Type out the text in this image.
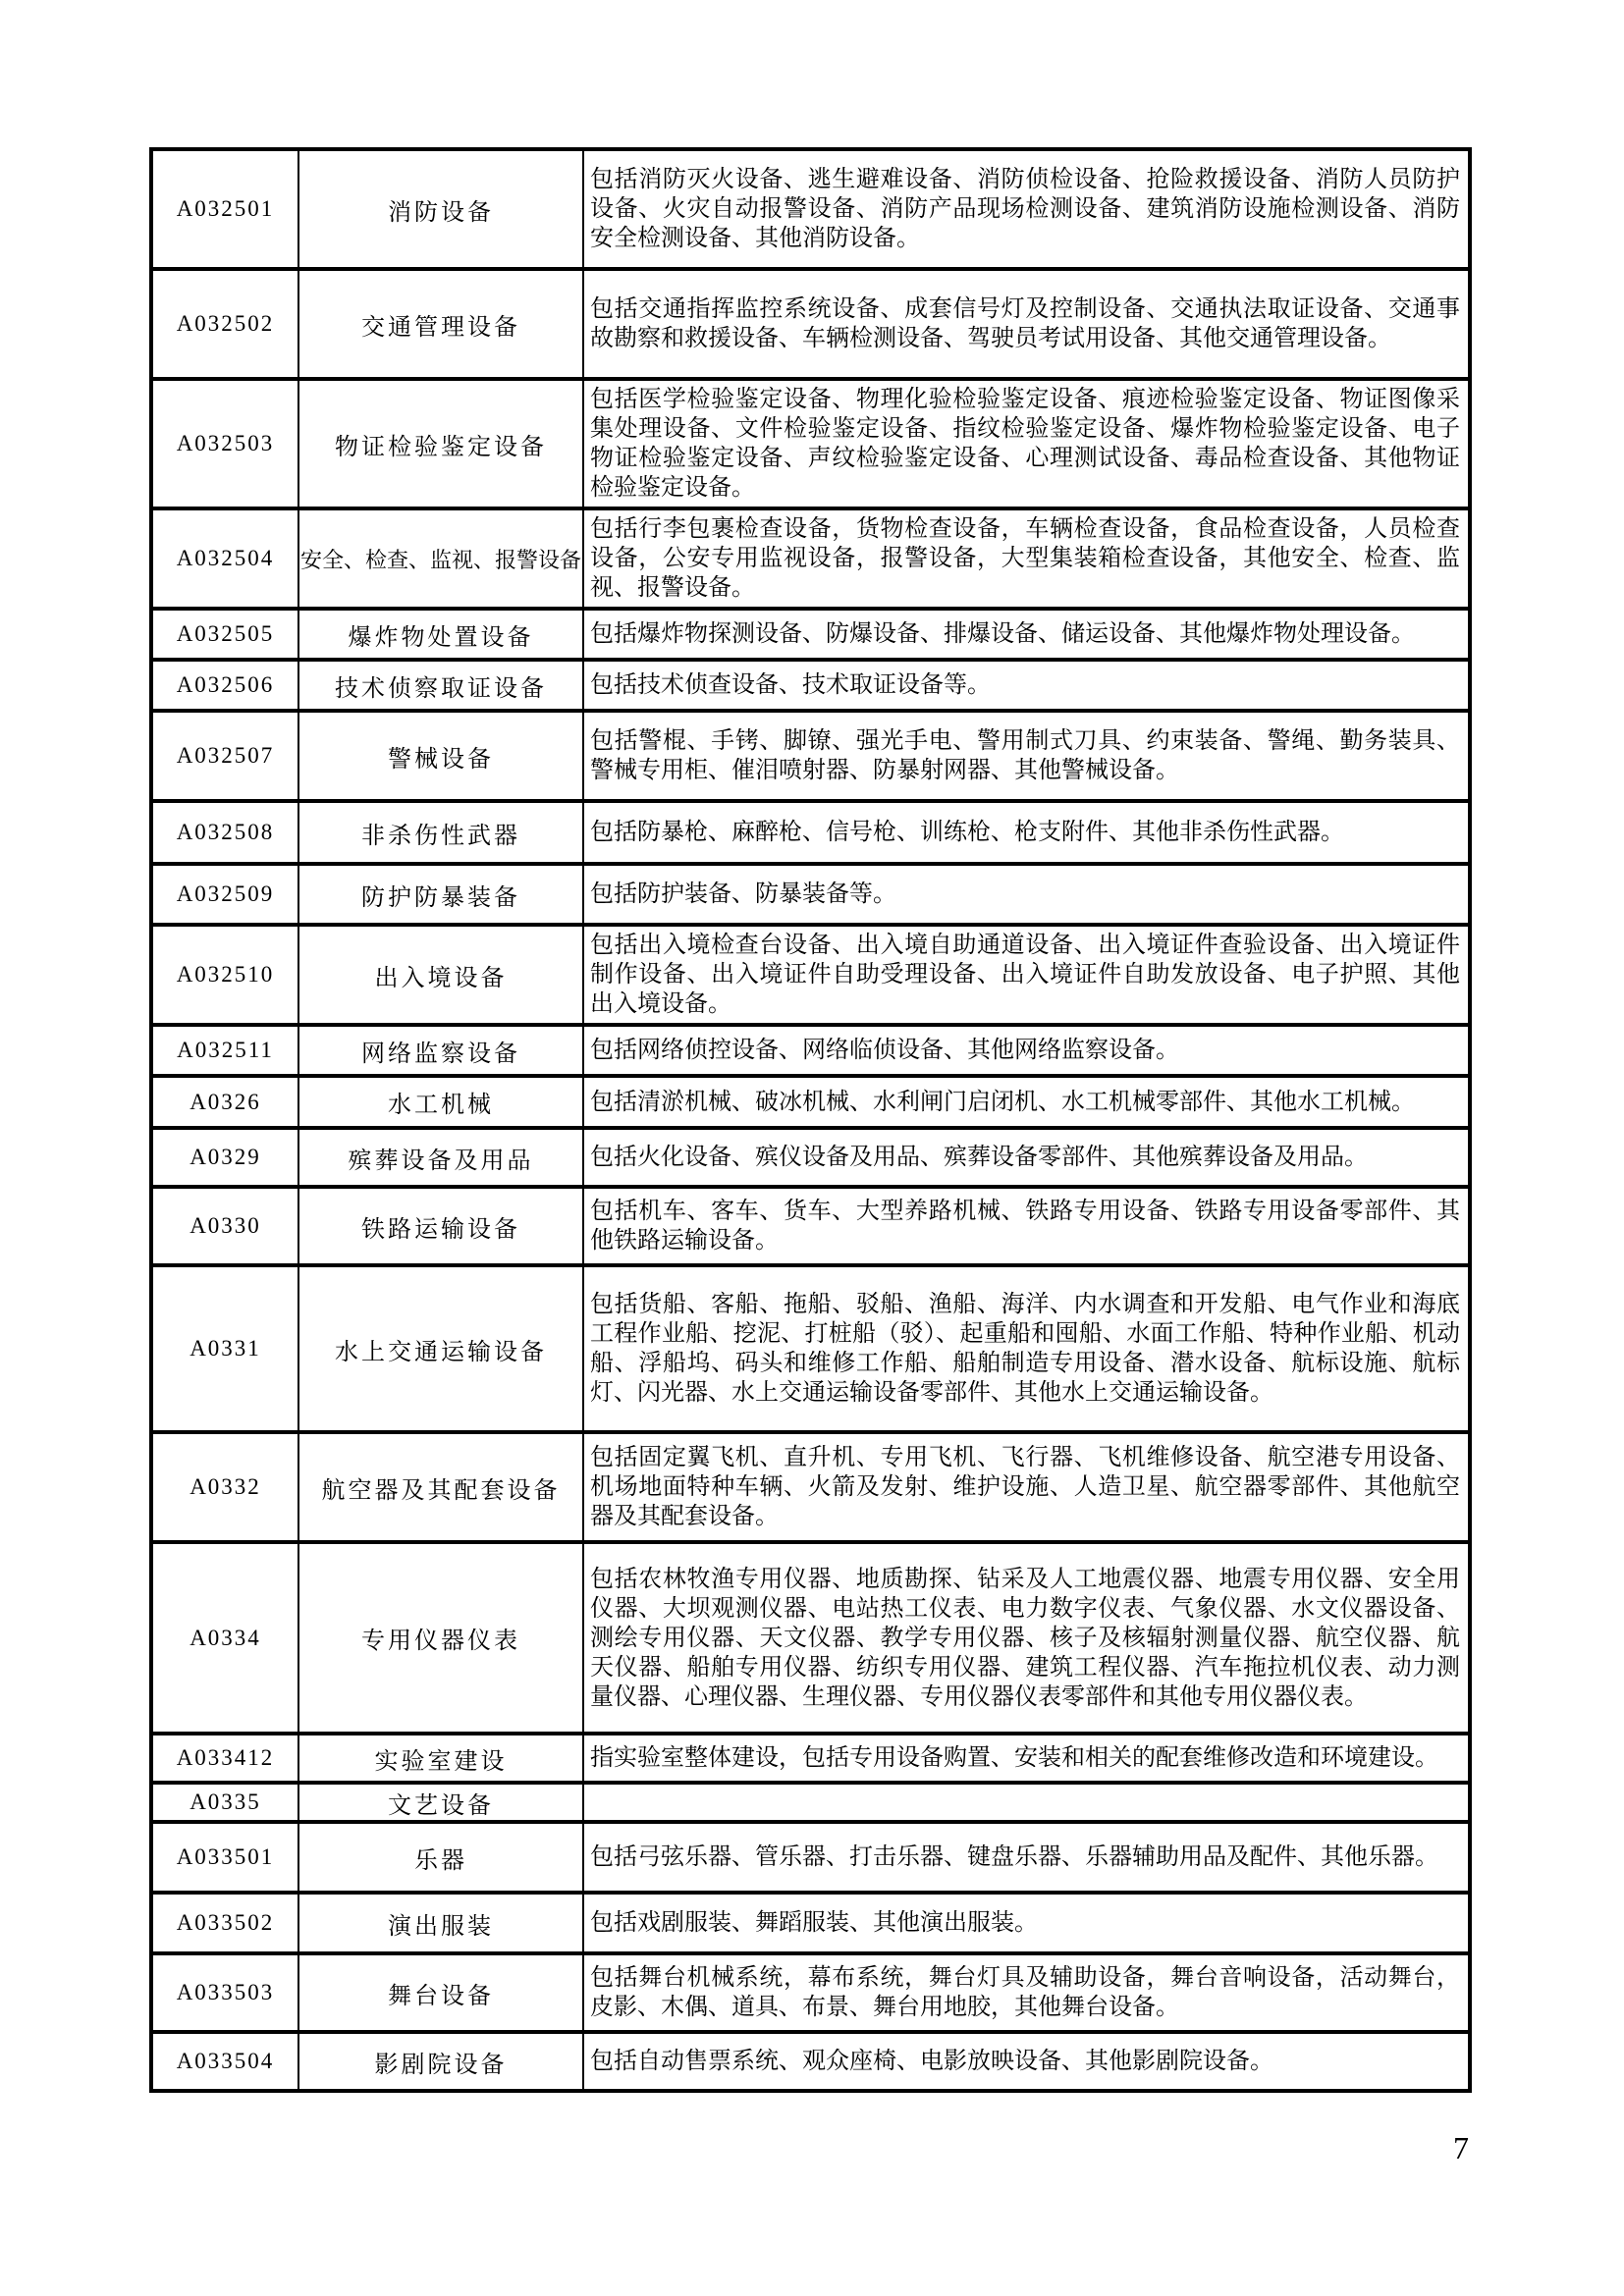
A032501	消防设备	包括消防灭火设备、逃生避难设备、消防侦检设备、抢险救援设备、消防人员防护设备、火灾自动报警设备、消防产品现场检测设备、建筑消防设施检测设备、消防安全检测设备、其他消防设备。
A032502	交通管理设备	包括交通指挥监控系统设备、成套信号灯及控制设备、交通执法取证设备、交通事故勘察和救援设备、车辆检测设备、驾驶员考试用设备、其他交通管理设备。
A032503	物证检验鉴定设备	包括医学检验鉴定设备、物理化验检验鉴定设备、痕迹检验鉴定设备、物证图像采集处理设备、文件检验鉴定设备、指纹检验鉴定设备、爆炸物检验鉴定设备、电子物证检验鉴定设备、声纹检验鉴定设备、心理测试设备、毒品检查设备、其他物证检验鉴定设备。
A032504	安全、检查、监视、报警设备	包括行李包裹检查设备，货物检查设备，车辆检查设备，食品检查设备，人员检查设备，公安专用监视设备，报警设备，大型集装箱检查设备，其他安全、检查、监视、报警设备。
A032505	爆炸物处置设备	包括爆炸物探测设备、防爆设备、排爆设备、储运设备、其他爆炸物处理设备。
A032506	技术侦察取证设备	包括技术侦查设备、技术取证设备等。
A032507	警械设备	包括警棍、手铐、脚镣、强光手电、警用制式刀具、约束装备、警绳、勤务装具、警械专用柜、催泪喷射器、防暴射网器、其他警械设备。
A032508	非杀伤性武器	包括防暴枪、麻醉枪、信号枪、训练枪、枪支附件、其他非杀伤性武器。
A032509	防护防暴装备	包括防护装备、防暴装备等。
A032510	出入境设备	包括出入境检查台设备、出入境自助通道设备、出入境证件查验设备、出入境证件制作设备、出入境证件自助受理设备、出入境证件自助发放设备、电子护照、其他出入境设备。
A032511	网络监察设备	包括网络侦控设备、网络临侦设备、其他网络监察设备。
A0326	水工机械	包括清淤机械、破冰机械、水利闸门启闭机、水工机械零部件、其他水工机械。
A0329	殡葬设备及用品	包括火化设备、殡仪设备及用品、殡葬设备零部件、其他殡葬设备及用品。
A0330	铁路运输设备	包括机车、客车、货车、大型养路机械、铁路专用设备、铁路专用设备零部件、其他铁路运输设备。
A0331	水上交通运输设备	包括货船、客船、拖船、驳船、渔船、海洋、内水调查和开发船、电气作业和海底工程作业船、挖泥、打桩船（驳）、起重船和囤船、水面工作船、特种作业船、机动船、浮船坞、码头和维修工作船、船舶制造专用设备、潜水设备、航标设施、航标灯、闪光器、水上交通运输设备零部件、其他水上交通运输设备。
A0332	航空器及其配套设备	包括固定翼飞机、直升机、专用飞机、飞行器、飞机维修设备、航空港专用设备、机场地面特种车辆、火箭及发射、维护设施、人造卫星、航空器零部件、其他航空器及其配套设备。
A0334	专用仪器仪表	包括农林牧渔专用仪器、地质勘探、钻采及人工地震仪器、地震专用仪器、安全用仪器、大坝观测仪器、电站热工仪表、电力数字仪表、气象仪器、水文仪器设备、测绘专用仪器、天文仪器、教学专用仪器、核子及核辐射测量仪器、航空仪器、航天仪器、船舶专用仪器、纺织专用仪器、建筑工程仪器、汽车拖拉机仪表、动力测量仪器、心理仪器、生理仪器、专用仪器仪表零部件和其他专用仪器仪表。
A033412	实验室建设	指实验室整体建设，包括专用设备购置、安装和相关的配套维修改造和环境建设。
A0335	文艺设备	
A033501	乐器	包括弓弦乐器、管乐器、打击乐器、键盘乐器、乐器辅助用品及配件、其他乐器。
A033502	演出服装	包括戏剧服装、舞蹈服装、其他演出服装。
A033503	舞台设备	包括舞台机械系统，幕布系统，舞台灯具及辅助设备，舞台音响设备，活动舞台，皮影、木偶、道具、布景、舞台用地胶，其他舞台设备。
A033504	影剧院设备	包括自动售票系统、观众座椅、电影放映设备、其他影剧院设备。
7
